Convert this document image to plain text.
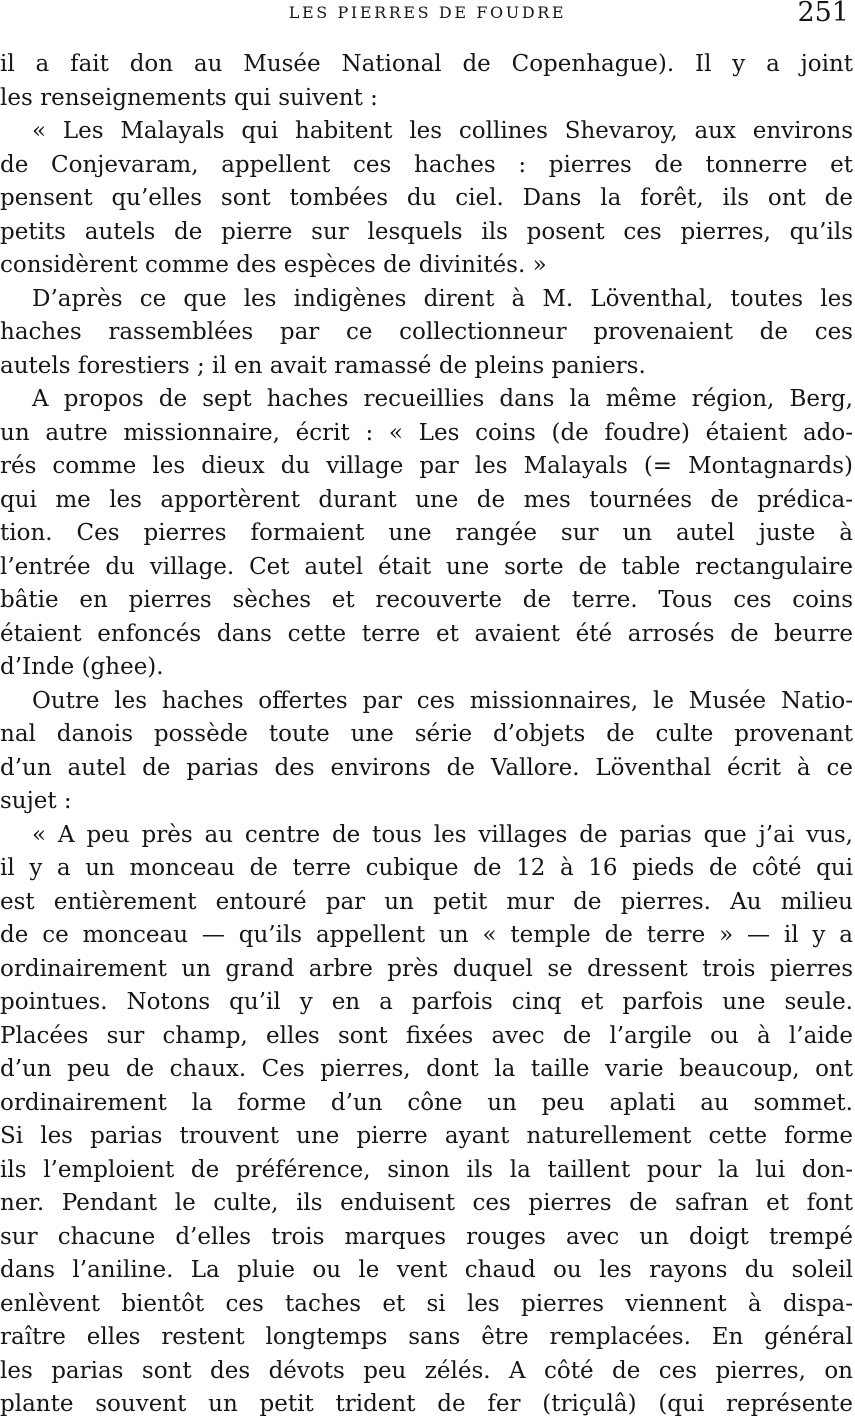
LES PIERRES DE FOUDRE	251
il a fait don au Musée National de Copenhague). Il y a joint
les renseignements qui suivent :
« Les Malayals qui habitent les collines Shevaroy, aux environs
de Conjevaram, appellent ces haches : pierres de tonnerre et
pensent qu’elles sont tombées du ciel. Dans la forêt, ils ont de
petits autels de pierre sur lesquels ils posent ces pierres, qu’ils
considèrent comme des espèces de divinités. »
D’après ce que les indigènes dirent à M. Löventhal, toutes les
haches rassemblées par ce collectionneur provenaient de ces
autels forestiers ; il en avait ramassé de pleins paniers.
A propos de sept haches recueillies dans la même région, Berg,
un autre missionnaire, écrit : « Les coins (de foudre) étaient ado-
rés comme les dieux du village par les Malayals (= Montagnards)
qui me les apportèrent durant une de mes tournées de prédica-
tion. Ces pierres formaient une rangée sur un autel juste à
l’entrée du village. Cet autel était une sorte de table rectangulaire
bâtie en pierres sèches et recouverte de terre. Tous ces coins
étaient enfoncés dans cette terre et avaient été arrosés de beurre
d’Inde (ghee).
Outre les haches offertes par ces missionnaires, le Musée Natio-
nal danois possède toute une série d’objets de culte provenant
d’un autel de parias des environs de Vallore. Löventhal écrit à ce
sujet :
« A peu près au centre de tous les villages de parias que j’ai vus,
il y a un monceau de terre cubique de 12 à 16 pieds de côté qui
est entièrement entouré par un petit mur de pierres. Au milieu
de ce monceau — qu’ils appellent un « temple de terre » — il y a
ordinairement un grand arbre près duquel se dressent trois pierres
pointues. Notons qu’il y en a parfois cinq et parfois une seule.
Placées sur champ, elles sont fixées avec de l’argile ou à l’aide
d’un peu de chaux. Ces pierres, dont la taille varie beaucoup, ont
ordinairement la forme d’un cône un peu aplati au sommet.
Si les parias trouvent une pierre ayant naturellement cette forme
ils l’emploient de préférence, sinon ils la taillent pour la lui don-
ner. Pendant le culte, ils enduisent ces pierres de safran et font
sur chacune d’elles trois marques rouges avec un doigt trempé
dans l’aniline. La pluie ou le vent chaud ou les rayons du soleil
enlèvent bientôt ces taches et si les pierres viennent à dispa-
raître elles restent longtemps sans être remplacées. En général
les parias sont des dévots peu zélés. A côté de ces pierres, on
plante souvent un petit trident de fer (triçulâ) (qui représente
